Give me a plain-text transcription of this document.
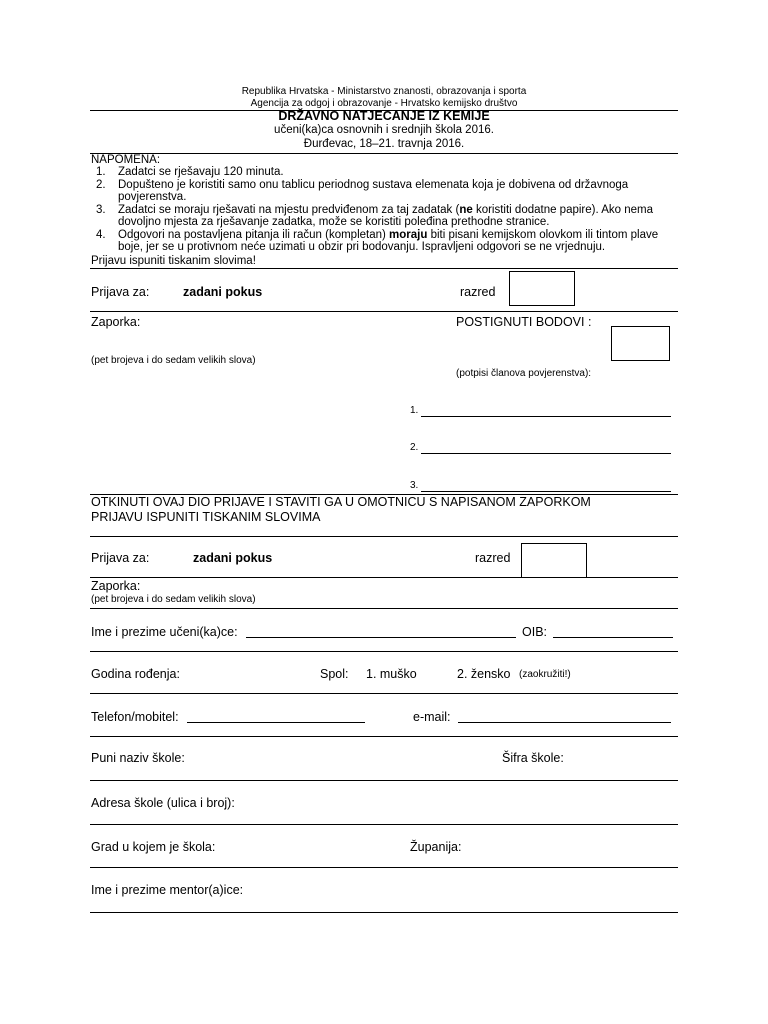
Republika Hrvatska - Ministarstvo znanosti, obrazovanja i sporta
Agencija za odgoj i obrazovanje - Hrvatsko kemijsko društvo
DRŽAVNO NATJECANJE IZ KEMIJE
učeni(ka)ca osnovnih i srednjih škola 2016.
Đurđevac, 18–21. travnja 2016.
NAPOMENA:
1. Zadatci se rješavaju 120 minuta.
2. Dopušteno je koristiti samo onu tablicu periodnog sustava elemenata koja je dobivena od državnoga povjerenstva.
3. Zadatci se moraju rješavati na mjestu predviđenom za taj zadatak (ne koristiti dodatne papire). Ako nema dovoljno mjesta za rješavanje zadatka, može se koristiti poleđina prethodne stranice.
4. Odgovori na postavljena pitanja ili račun (kompletan) moraju biti pisani kemijskom olovkom ili tintom plave boje, jer se u protivnom neće uzimati u obzir pri bodovanju. Ispravljeni odgovori se ne vrjednuju.
Prijavu ispuniti tiskanim slovima!
Prijava za:	zadani pokus	razred
Zaporka:	POSTIGNUTI BODOVI :
(pet brojeva i do sedam velikih slova)
(potpisi članova povjerenstva):
1.
2.
3.
OTKINUTI OVAJ DIO PRIJAVE I STAVITI GA U OMOTNICU S NAPISANOM ZAPORKOM
PRIJAVU ISPUNITI TISKANIM SLOVIMA
Prijava za:	zadani pokus	razred
Zaporka:
(pet brojeva i do sedam velikih slova)
Ime i prezime učeni(ka)ce:	OIB:
Godina rođenja:	Spol: 1. muško	2. žensko (zaokružiti!)
Telefon/mobitel:	e-mail:
Puni naziv škole:	Šifra škole:
Adresa škole (ulica i broj):
Grad u kojem je škola:	Županija:
Ime i prezime mentor(a)ice:
